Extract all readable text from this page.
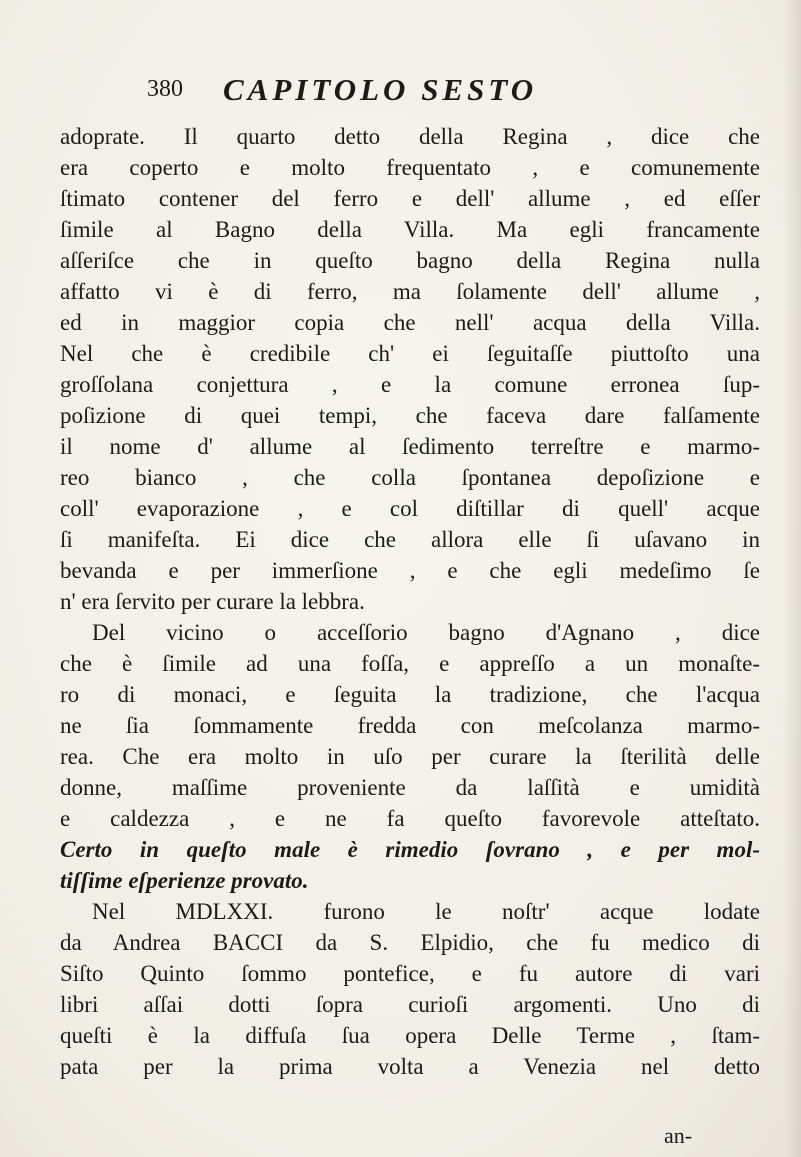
380 CAPITOLO SESTO
adoprate. Il quarto detto della Regina , dice che
era coperto e molto frequentato , e comunemente
ſtimato contener del ferro e dell' allume , ed eſſer
ſimile al Bagno della Villa. Ma egli francamente
aſſeriſce che in queſto bagno della Regina nulla
affatto vi è di ferro, ma ſolamente dell' allume ,
ed in maggior copia che nell' acqua della Villa.
Nel che è credibile ch' ei ſeguitaſſe piuttoſto una
groſſolana conjettura , e la comune erronea ſup-
poſizione di quei tempi, che faceva dare falſamente
il nome d' allume al ſedimento terreſtre e marmo-
reo bianco , che colla ſpontanea depoſizione e
coll' evaporazione , e col diſtillar di quell' acque
ſi manifeſta. Ei dice che allora elle ſi uſavano in
bevanda e per immerſione , e che egli medeſimo ſe
n' era ſervito per curare la lebbra.
Del vicino o acceſſorio bagno d'Agnano , dice
che è ſimile ad una foſſa, e appreſſo a un monaſte-
ro di monaci, e ſeguita la tradizione, che l'acqua
ne ſia ſommamente fredda con meſcolanza marmo-
rea. Che era molto in uſo per curare la ſterilità delle
donne, maſſime proveniente da laſſità e umidità
e caldezza , e ne fa queſto favorevole atteſtato.
Certo in queſto male è rimedio ſovrano , e per mol-
tiſſime eſperienze provato.
Nel MDLXXI. furono le noſtr' acque lodate
da Andrea BACCI da S. Elpidio, che fu medico di
Siſto Quinto ſommo pontefice, e fu autore di vari
libri aſſai dotti ſopra curioſi argomenti. Uno di
queſti è la diffuſa ſua opera Delle Terme , ſtam-
pata per la prima volta a Venezia nel detto
an-
